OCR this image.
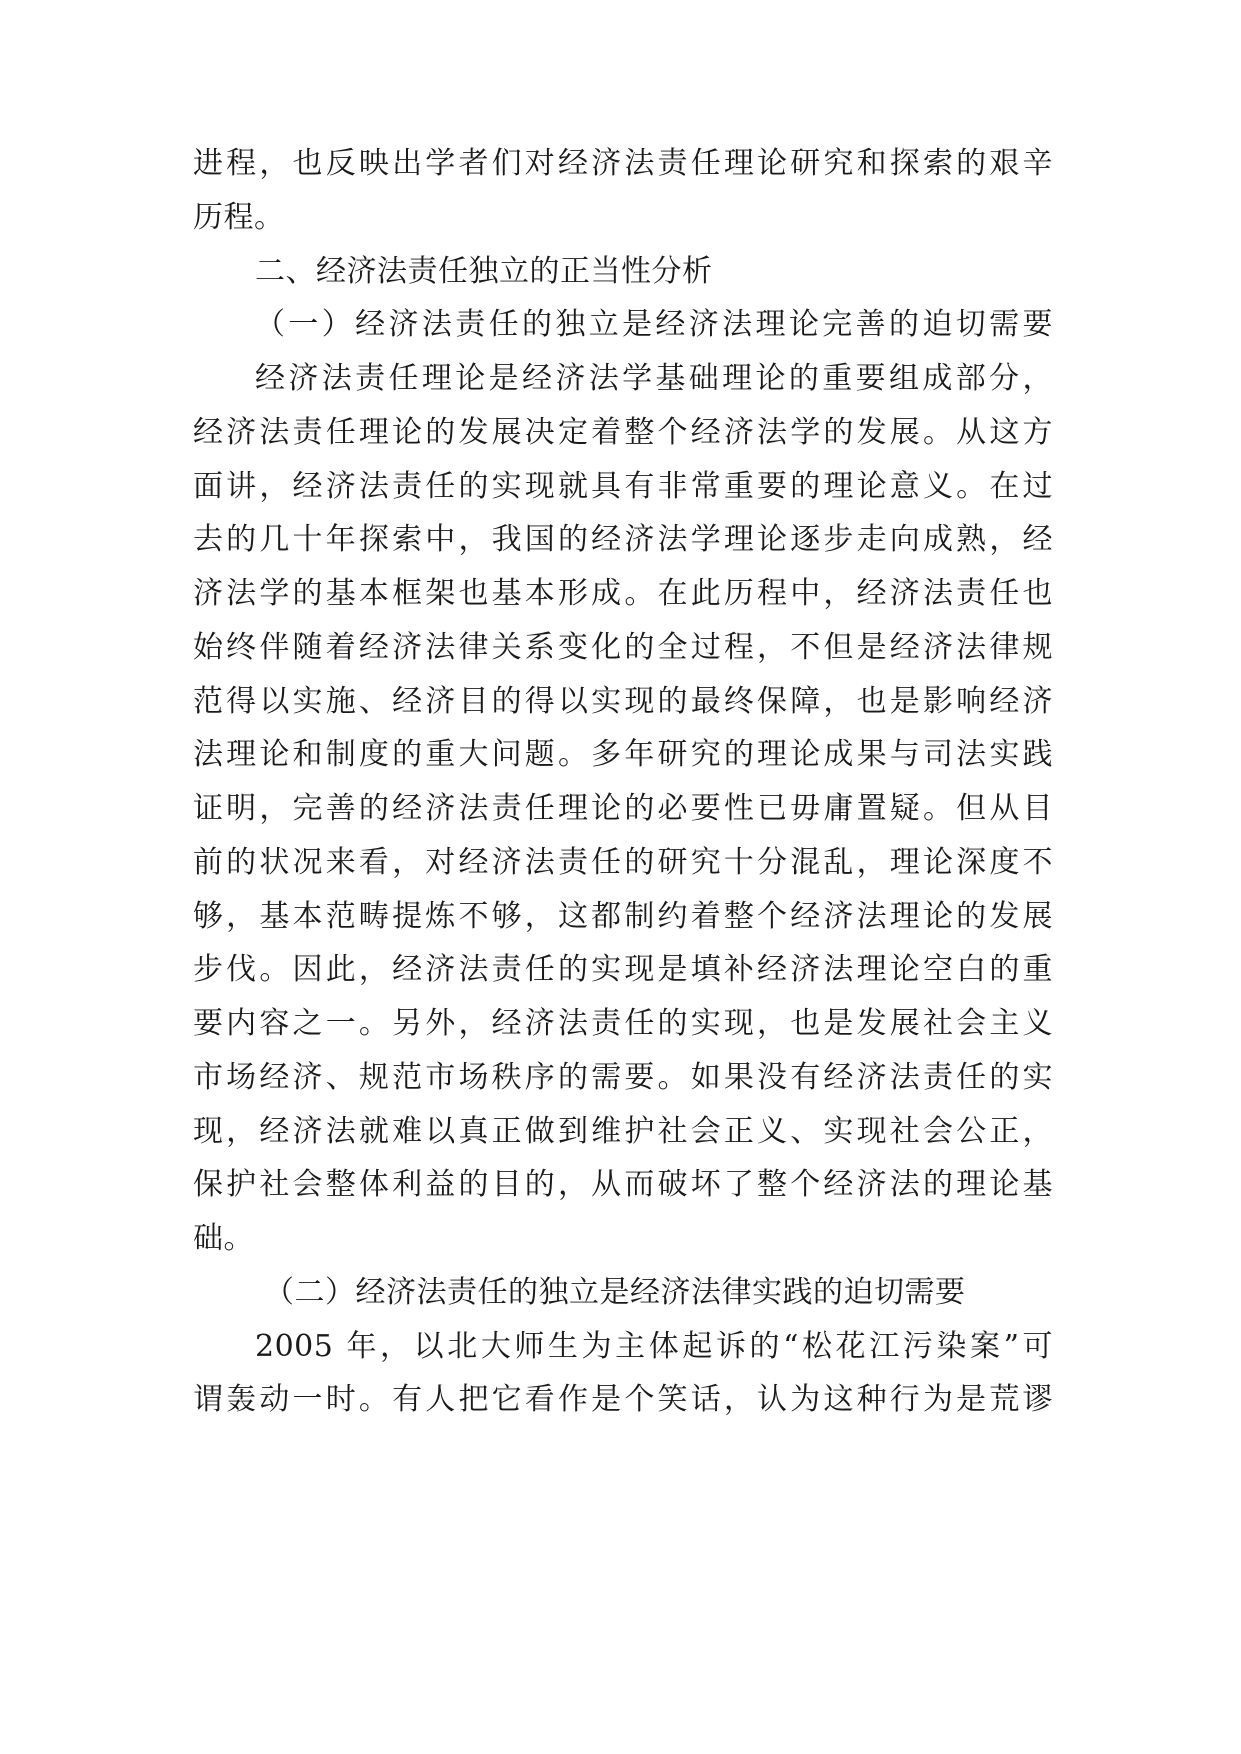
进程，也反映出学者们对经济法责任理论研究和探索的艰辛
历程。
二、经济法责任独立的正当性分析
（一）经济法责任的独立是经济法理论完善的迫切需要
经济法责任理论是经济法学基础理论的重要组成部分，
经济法责任理论的发展决定着整个经济法学的发展。从这方
面讲，经济法责任的实现就具有非常重要的理论意义。在过
去的几十年探索中，我国的经济法学理论逐步走向成熟，经
济法学的基本框架也基本形成。在此历程中，经济法责任也
始终伴随着经济法律关系变化的全过程，不但是经济法律规
范得以实施、经济目的得以实现的最终保障，也是影响经济
法理论和制度的重大问题。多年研究的理论成果与司法实践
证明，完善的经济法责任理论的必要性已毋庸置疑。但从目
前的状况来看，对经济法责任的研究十分混乱，理论深度不
够，基本范畴提炼不够，这都制约着整个经济法理论的发展
步伐。因此，经济法责任的实现是填补经济法理论空白的重
要内容之一。另外，经济法责任的实现，也是发展社会主义
市场经济、规范市场秩序的需要。如果没有经济法责任的实
现，经济法就难以真正做到维护社会正义、实现社会公正，
保护社会整体利益的目的，从而破坏了整个经济法的理论基
础。
（二）经济法责任的独立是经济法律实践的迫切需要
2005 年，以北大师生为主体起诉的“松花江污染案”可
谓轰动一时。有人把它看作是个笑话，认为这种行为是荒谬
